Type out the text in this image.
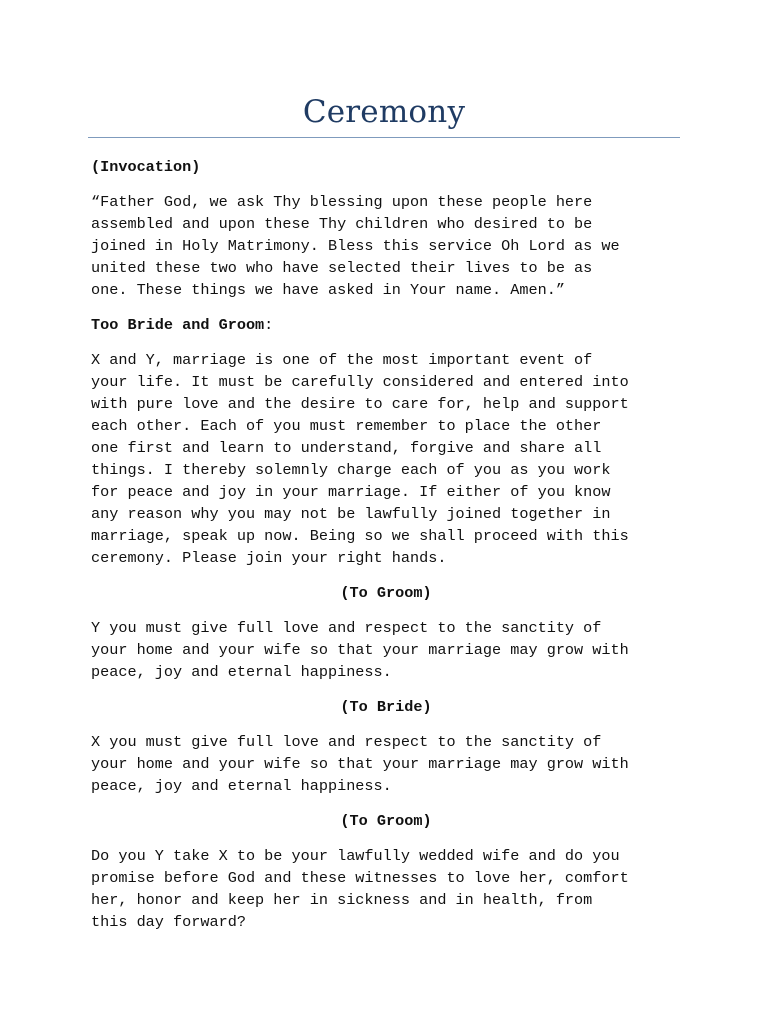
Ceremony

(Invocation)

“Father God, we ask Thy blessing upon these people here
assembled and upon these Thy children who desired to be
joined in Holy Matrimony. Bless this service Oh Lord as we
united these two who have selected their lives to be as
one. These things we have asked in Your name. Amen.”

Too Bride and Groom:

X and Y, marriage is one of the most important event of
your life. It must be carefully considered and entered into
with pure love and the desire to care for, help and support
each other. Each of you must remember to place the other
one first and learn to understand, forgive and share all
things. I thereby solemnly charge each of you as you work
for peace and joy in your marriage. If either of you know
any reason why you may not be lawfully joined together in
marriage, speak up now. Being so we shall proceed with this
ceremony. Please join your right hands.

(To Groom)

Y you must give full love and respect to the sanctity of
your home and your wife so that your marriage may grow with
peace, joy and eternal happiness.

(To Bride)

X you must give full love and respect to the sanctity of
your home and your wife so that your marriage may grow with
peace, joy and eternal happiness.

(To Groom)

Do you Y take X to be your lawfully wedded wife and do you
promise before God and these witnesses to love her, comfort
her, honor and keep her in sickness and in health, from
this day forward?
